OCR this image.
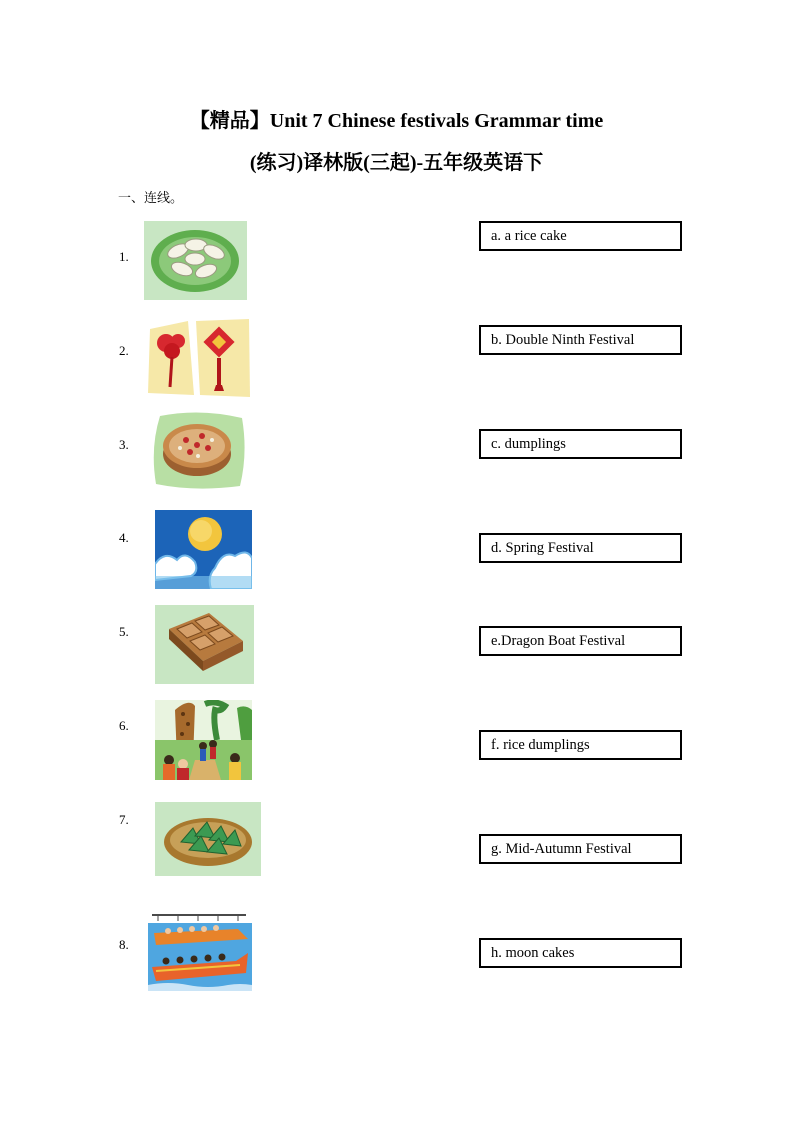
【精品】Unit 7 Chinese festivals Grammar time
(练习)译林版(三起)-五年级英语下
一、连线。
1.
2.
3.
4.
5.
6.
7.
8.
a. a rice cake
b. Double Ninth Festival
c. dumplings
d. Spring Festival
e.Dragon Boat Festival
f. rice dumplings
g. Mid-Autumn Festival
h. moon cakes
